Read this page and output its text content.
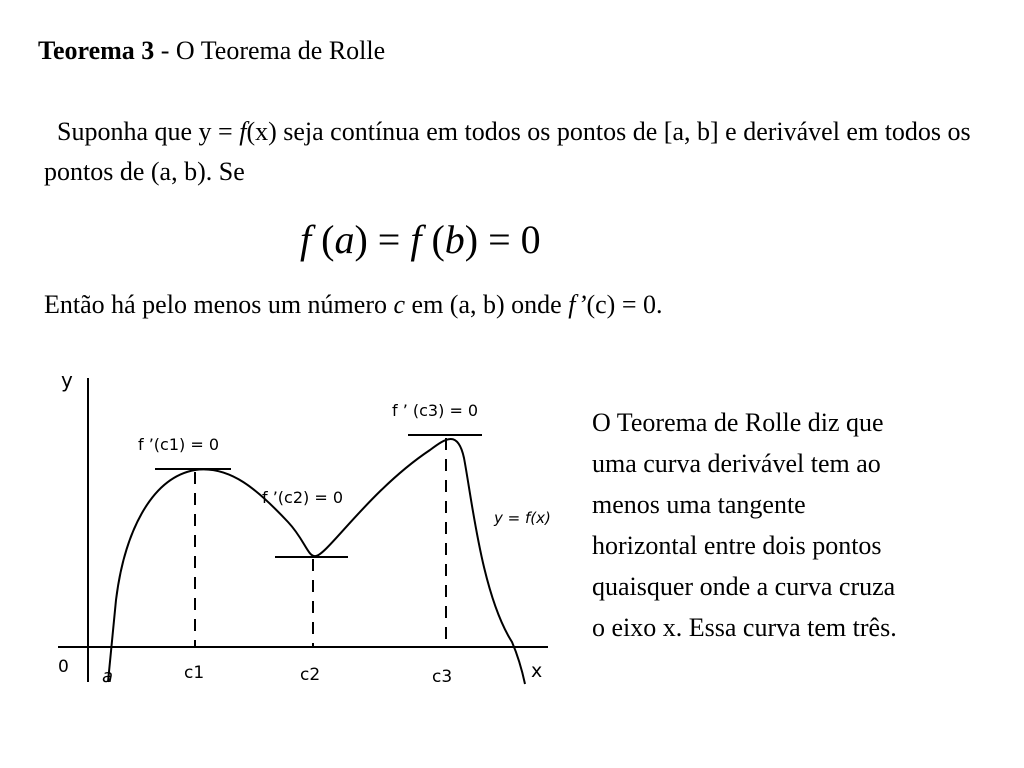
Teorema 3 - O Teorema de Rolle
Suponha que y = f(x) seja contínua em todos os pontos de [a, b] e derivável em todos os pontos de (a, b). Se
f (a) = f (b) = 0
Então há pelo menos um número c em (a, b) onde f’(c) = 0.
y
x
0 a	c1	c2	c3
f ’(c1) = 0
f ’(c2) = 0
f ’ (c3) = 0
y = f(x)
O Teorema de Rolle diz que
uma curva derivável tem ao
menos uma tangente
horizontal entre dois pontos
quaisquer onde a curva cruza
o eixo x. Essa curva tem três.
